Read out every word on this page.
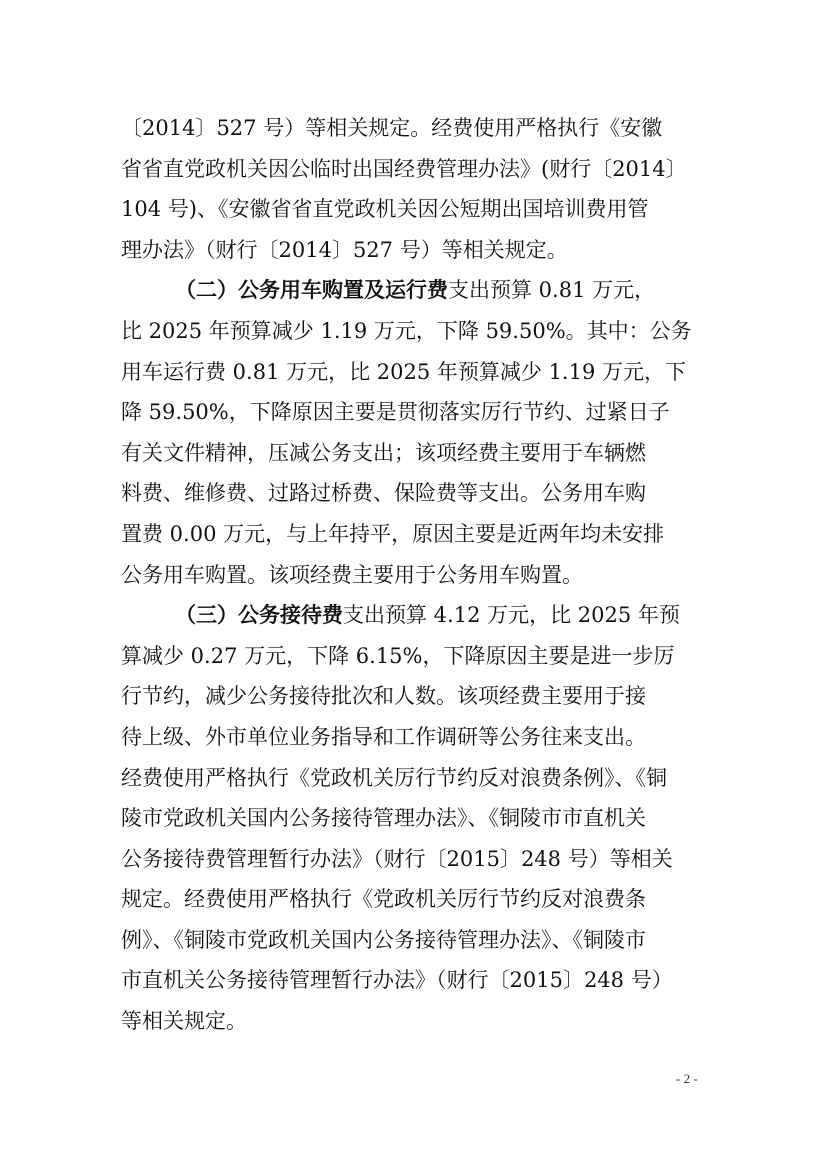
〔2014〕527 号）等相关规定。经费使用严格执行《安徽
省省直党政机关因公临时出国经费管理办法》(财行〔2014〕
104 号)、《安徽省省直党政机关因公短期出国培训费用管
理办法》（财行〔2014〕527 号）等相关规定。
（二）公务用车购置及运行费支出预算 0.81 万元，
比 2025 年预算减少 1.19 万元，下降 59.50%。其中：公务
用车运行费 0.81 万元，比 2025 年预算减少 1.19 万元，下
降 59.50%，下降原因主要是贯彻落实厉行节约、过紧日子
有关文件精神，压减公务支出；该项经费主要用于车辆燃
料费、维修费、过路过桥费、保险费等支出。公务用车购
置费 0.00 万元，与上年持平，原因主要是近两年均未安排
公务用车购置。该项经费主要用于公务用车购置。
（三）公务接待费支出预算 4.12 万元，比 2025 年预
算减少 0.27 万元，下降 6.15%，下降原因主要是进一步厉
行节约，减少公务接待批次和人数。该项经费主要用于接
待上级、外市单位业务指导和工作调研等公务往来支出。
经费使用严格执行《党政机关厉行节约反对浪费条例》、《铜
陵市党政机关国内公务接待管理办法》、《铜陵市市直机关
公务接待费管理暂行办法》（财行〔2015〕248 号）等相关
规定。经费使用严格执行《党政机关厉行节约反对浪费条
例》、《铜陵市党政机关国内公务接待管理办法》、《铜陵市
市直机关公务接待管理暂行办法》（财行〔2015〕248 号）
等相关规定。
- 2 -
